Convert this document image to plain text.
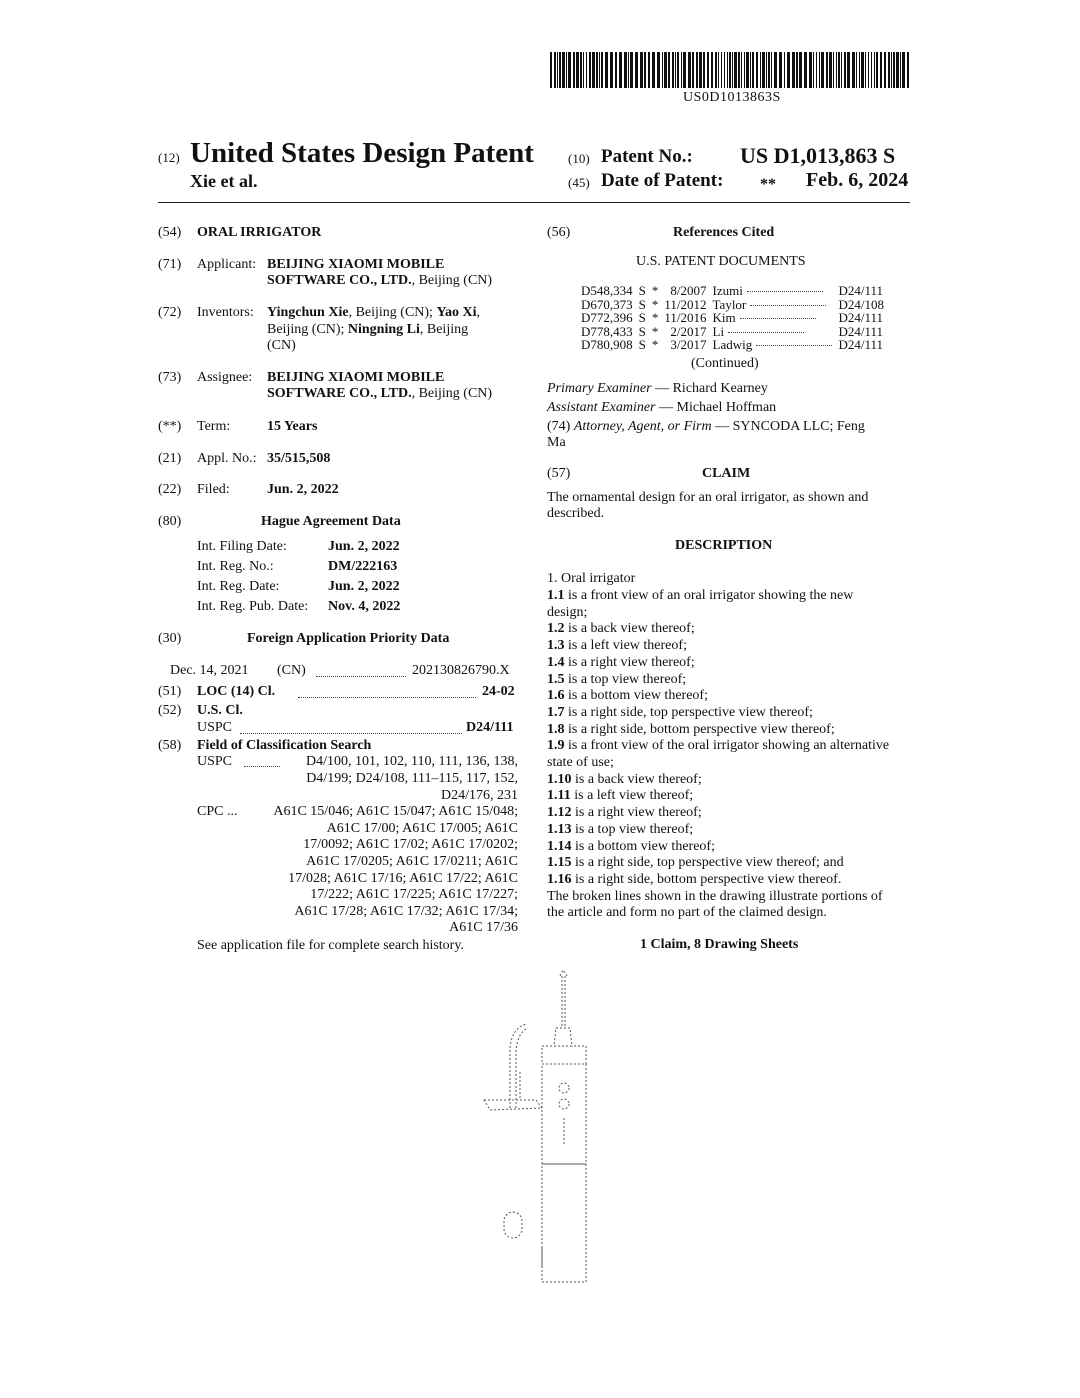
US0D1013863S
(12) United States Design Patent
Xie et al.
(10) Patent No.: US D1,013,863 S
(45) Date of Patent: ** Feb. 6, 2024
(54) ORAL IRRIGATOR
(71) Applicant: BEIJING XIAOMI MOBILE
SOFTWARE CO., LTD., Beijing (CN)
(72) Inventors: Yingchun Xie, Beijing (CN); Yao Xi,
Beijing (CN); Ningning Li, Beijing
(CN)
(73) Assignee: BEIJING XIAOMI MOBILE
SOFTWARE CO., LTD., Beijing (CN)
(**) Term:	15 Years
(21) Appl. No.: 35/515,508
(22) Filed:	Jun. 2, 2022
(80)	Hague Agreement Data
Int. Filing Date:	Jun. 2, 2022
Int. Reg. No.:	DM/222163
Int. Reg. Date:	Jun. 2, 2022
Int. Reg. Pub. Date: Nov. 4, 2022
(30)	Foreign Application Priority Data
Dec. 14, 2021 (CN)	202130826790.X
(51) LOC (14) Cl.	24-02
(52) U.S. Cl.
USPC	D24/111
(58) Field of Classification Search
USPC	D4/100, 101, 102, 110, 111, 136, 138,
D4/199; D24/108, 111–115, 117, 152,
D24/176, 231
CPC ...	A61C 15/046; A61C 15/047; A61C 15/048;
A61C 17/00; A61C 17/005; A61C
17/0092; A61C 17/02; A61C 17/0202;
A61C 17/0205; A61C 17/0211; A61C
17/028; A61C 17/16; A61C 17/22; A61C
17/222; A61C 17/225; A61C 17/227;
A61C 17/28; A61C 17/32; A61C 17/34;
A61C 17/36
See application file for complete search history.
(56)	References Cited
U.S. PATENT DOCUMENTS
D548,334	S	*	8/2007	Izumi	D24/111
D670,373	S	*	11/2012	Taylor	D24/108
D772,396	S	*	11/2016	Kim	D24/111
D778,433	S	*	2/2017	Li	D24/111
D780,908	S	*	3/2017	Ladwig	D24/111
(Continued)
Primary Examiner — Richard Kearney
Assistant Examiner — Michael Hoffman
(74) Attorney, Agent, or Firm — SYNCODA LLC; Feng
Ma
(57)	CLAIM
The ornamental design for an oral irrigator, as shown and
described.
DESCRIPTION
1. Oral irrigator
1.1 is a front view of an oral irrigator showing the new
design;
1.2 is a back view thereof;
1.3 is a left view thereof;
1.4 is a right view thereof;
1.5 is a top view thereof;
1.6 is a bottom view thereof;
1.7 is a right side, top perspective view thereof;
1.8 is a right side, bottom perspective view thereof;
1.9 is a front view of the oral irrigator showing an alternative
state of use;
1.10 is a back view thereof;
1.11 is a left view thereof;
1.12 is a right view thereof;
1.13 is a top view thereof;
1.14 is a bottom view thereof;
1.15 is a right side, top perspective view thereof; and
1.16 is a right side, bottom perspective view thereof.
The broken lines shown in the drawing illustrate portions of
the article and form no part of the claimed design.
1 Claim, 8 Drawing Sheets
